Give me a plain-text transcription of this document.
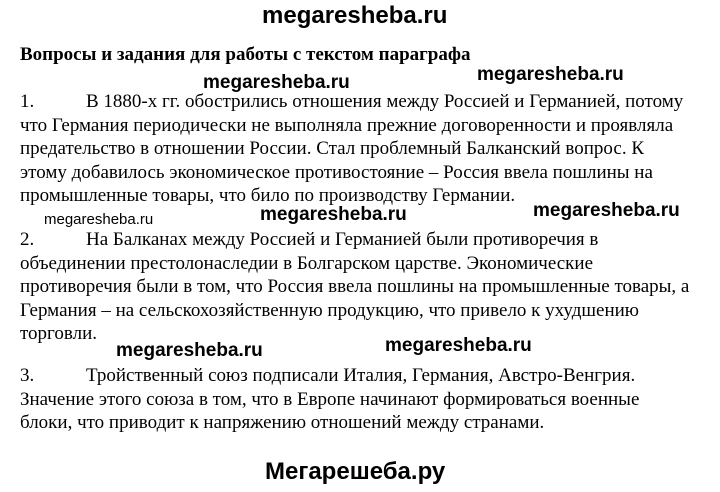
megaresheba.ru
Вопросы и задания для работы с текстом параграфа
megaresheba.ru	megaresheba.ru
1.	В 1880-х гг. обострились отношения между Россией и Германией, потому
что Германия периодически не выполняла прежние договоренности и проявляла
предательство в отношении России. Стал проблемный Балканский вопрос. К
этому добавилось экономическое противостояние – Россия ввела пошлины на
промышленные товары, что било по производству Германии.
megaresheba.ru	megaresheba.ru	megaresheba.ru
2.	На Балканах между Россией и Германией были противоречия в
объединении престолонаследии в Болгарском царстве. Экономические
противоречия были в том, что Россия ввела пошлины на промышленные товары, а
Германия – на сельскохозяйственную продукцию, что привело к ухудшению
торговли.
megaresheba.ru	megaresheba.ru
3.	Тройственный союз подписали Италия, Германия, Австро-Венгрия.
Значение этого союза в том, что в Европе начинают формироваться военные
блоки, что приводит к напряжению отношений между странами.
Мегарешеба.ру
